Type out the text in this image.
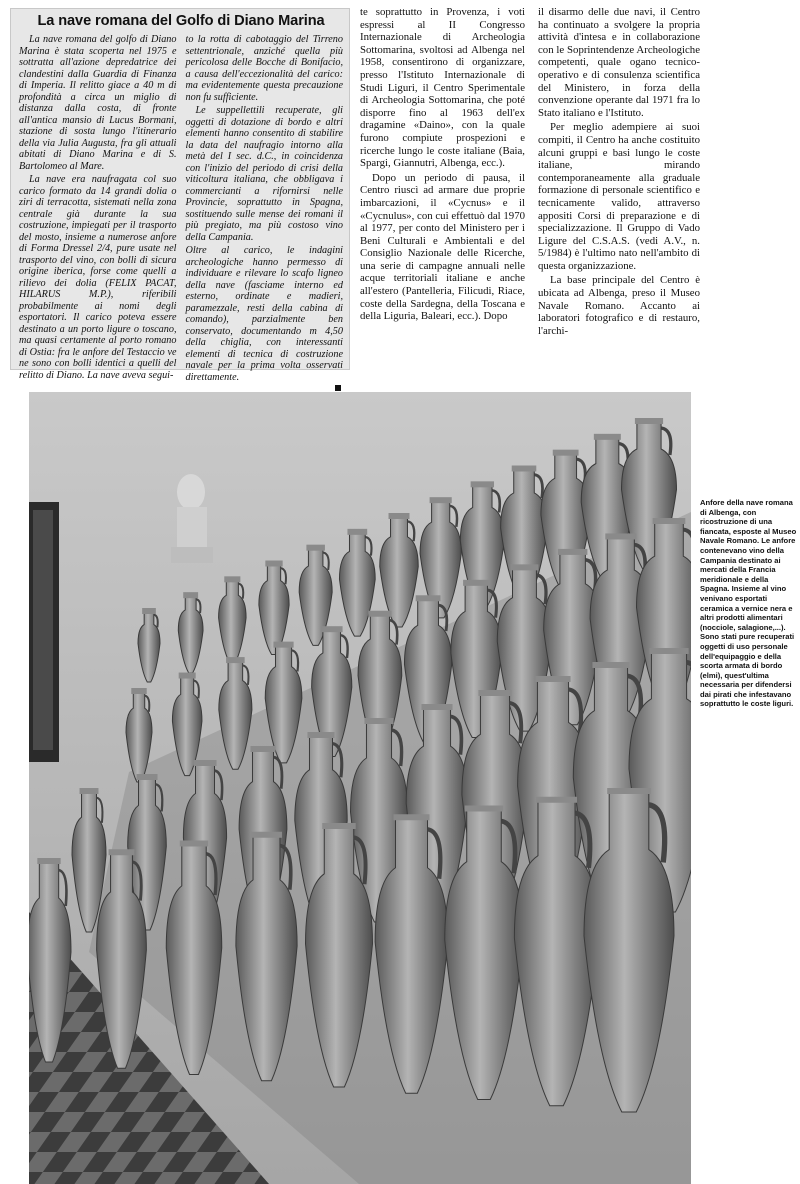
La nave romana del Golfo di Diano Marina

La nave romana del golfo di Diano Marina è stata scoperta nel 1975 e sottratta all'azione depredatrice dei clandestini dalla Guardia di Finanza di Imperia. Il relitto giace a 40 m di profondità a circa un miglio di distanza dalla costa, di fronte all'antica mansio di Lucus Bormani, stazione di sosta lungo l'itinerario della via Julia Augusta, fra gli attuali abitati di Diano Marina e di S. Bartolomeo al Mare.

La nave era naufragata col suo carico formato da 14 grandi dolia o ziri di terracotta, sistemati nella zona centrale già durante la sua costruzione, impiegati per il trasporto del mosto, insieme a numerose anfore di Forma Dressel 2/4, pure usate nel trasporto del vino, con bolli di sicura origine iberica, forse come quelli a rilievo dei dolia (FELIX PACAT, HILARUS M.P.), riferibili probabilmente ai nomi degli esportatori. Il carico poteva essere destinato a un porto ligure o toscano, ma quasi certamente al porto romano di Ostia: fra le anfore del Testaccio ve ne sono con bolli identici a quelli del relitto di Diano. La nave aveva segui-

to la rotta di cabotaggio del Tirreno settentrionale, anziché quella più pericolosa delle Bocche di Bonifacio, a causa dell'eccezionalità del carico: ma evidentemente questa precauzione non fu sufficiente.

Le suppellettili recuperate, gli oggetti di dotazione di bordo e altri elementi hanno consentito di stabilire la data del naufragio intorno alla metà del I sec. d.C., in coincidenza con l'inizio del periodo di crisi della viticoltura italiana, che obbligava i commercianti a rifornirsi nelle Provincie, soprattutto in Spagna, sostituendo sulle mense dei romani il più pregiato, ma più costoso vino della Campania.

Oltre al carico, le indagini archeologiche hanno permesso di individuare e rilevare lo scafo ligneo della nave (fasciame interno ed esterno, ordinate e madieri, paramezzale, resti della cabina di comando), parzialmente ben conservato, documentando m 4,50 della chiglia, con interessanti elementi di tecnica di costruzione navale per la prima volta osservati direttamente.

te soprattutto in Provenza, i voti espressi al II Congresso Internazionale di Archeologia Sottomarina, svoltosi ad Albenga nel 1958, consentirono di organizzare, presso l'Istituto Internazionale di Studi Liguri, il Centro Sperimentale di Archeologia Sottomarina, che poté disporre fino al 1963 dell'ex dragamine «Daino», con la quale furono compiute prospezioni e ricerche lungo le coste italiane (Baia, Spargi, Giannutri, Albenga, ecc.).

Dopo un periodo di pausa, il Centro riuscì ad armare due proprie imbarcazioni, il «Cycnus» e il «Cycnulus», con cui effettuò dal 1970 al 1977, per conto del Ministero per i Beni Culturali e Ambientali e del Consiglio Nazionale delle Ricerche, una serie di campagne annuali nelle acque territoriali italiane e anche all'estero (Pantelleria, Filicudi, Riace, coste della Sardegna, della Toscana e della Liguria, Baleari, ecc.). Dopo

il disarmo delle due navi, il Centro ha continuato a svolgere la propria attività d'intesa e in collaborazione con le Soprintendenze Archeologiche competenti, quale ogano tecnico-operativo e di consulenza scientifica del Ministero, in forza della convenzione operante dal 1971 fra lo Stato italiano e l'Istituto.

Per meglio adempiere ai suoi compiti, il Centro ha anche costituito alcuni gruppi e basi lungo le coste italiane, mirando contemporaneamente alla graduale formazione di personale scientifico e tecnicamente valido, attraverso appositi Corsi di preparazione e di specializzazione. Il Gruppo di Vado Ligure del C.S.A.S. (vedi A.V., n. 5/1984) è l'ultimo nato nell'ambito di questa organizzazione.

La base principale del Centro è ubicata ad Albenga, preso il Museo Navale Romano. Accanto ai laboratori fotografico e di restauro, l'archi-

Anfore della nave romana di Albenga, con ricostruzione di una fiancata, esposte al Museo Navale Romano. Le anfore contenevano vino della Campania destinato ai mercati della Francia meridionale e della Spagna. Insieme al vino venivano esportati ceramica a vernice nera e altri prodotti alimentari (nocciole, salagione,...). Sono stati pure recuperati oggetti di uso personale dell'equipaggio e della scorta armata di bordo (elmi), quest'ultima necessaria per difendersi dai pirati che infestavano soprattutto le coste liguri.
